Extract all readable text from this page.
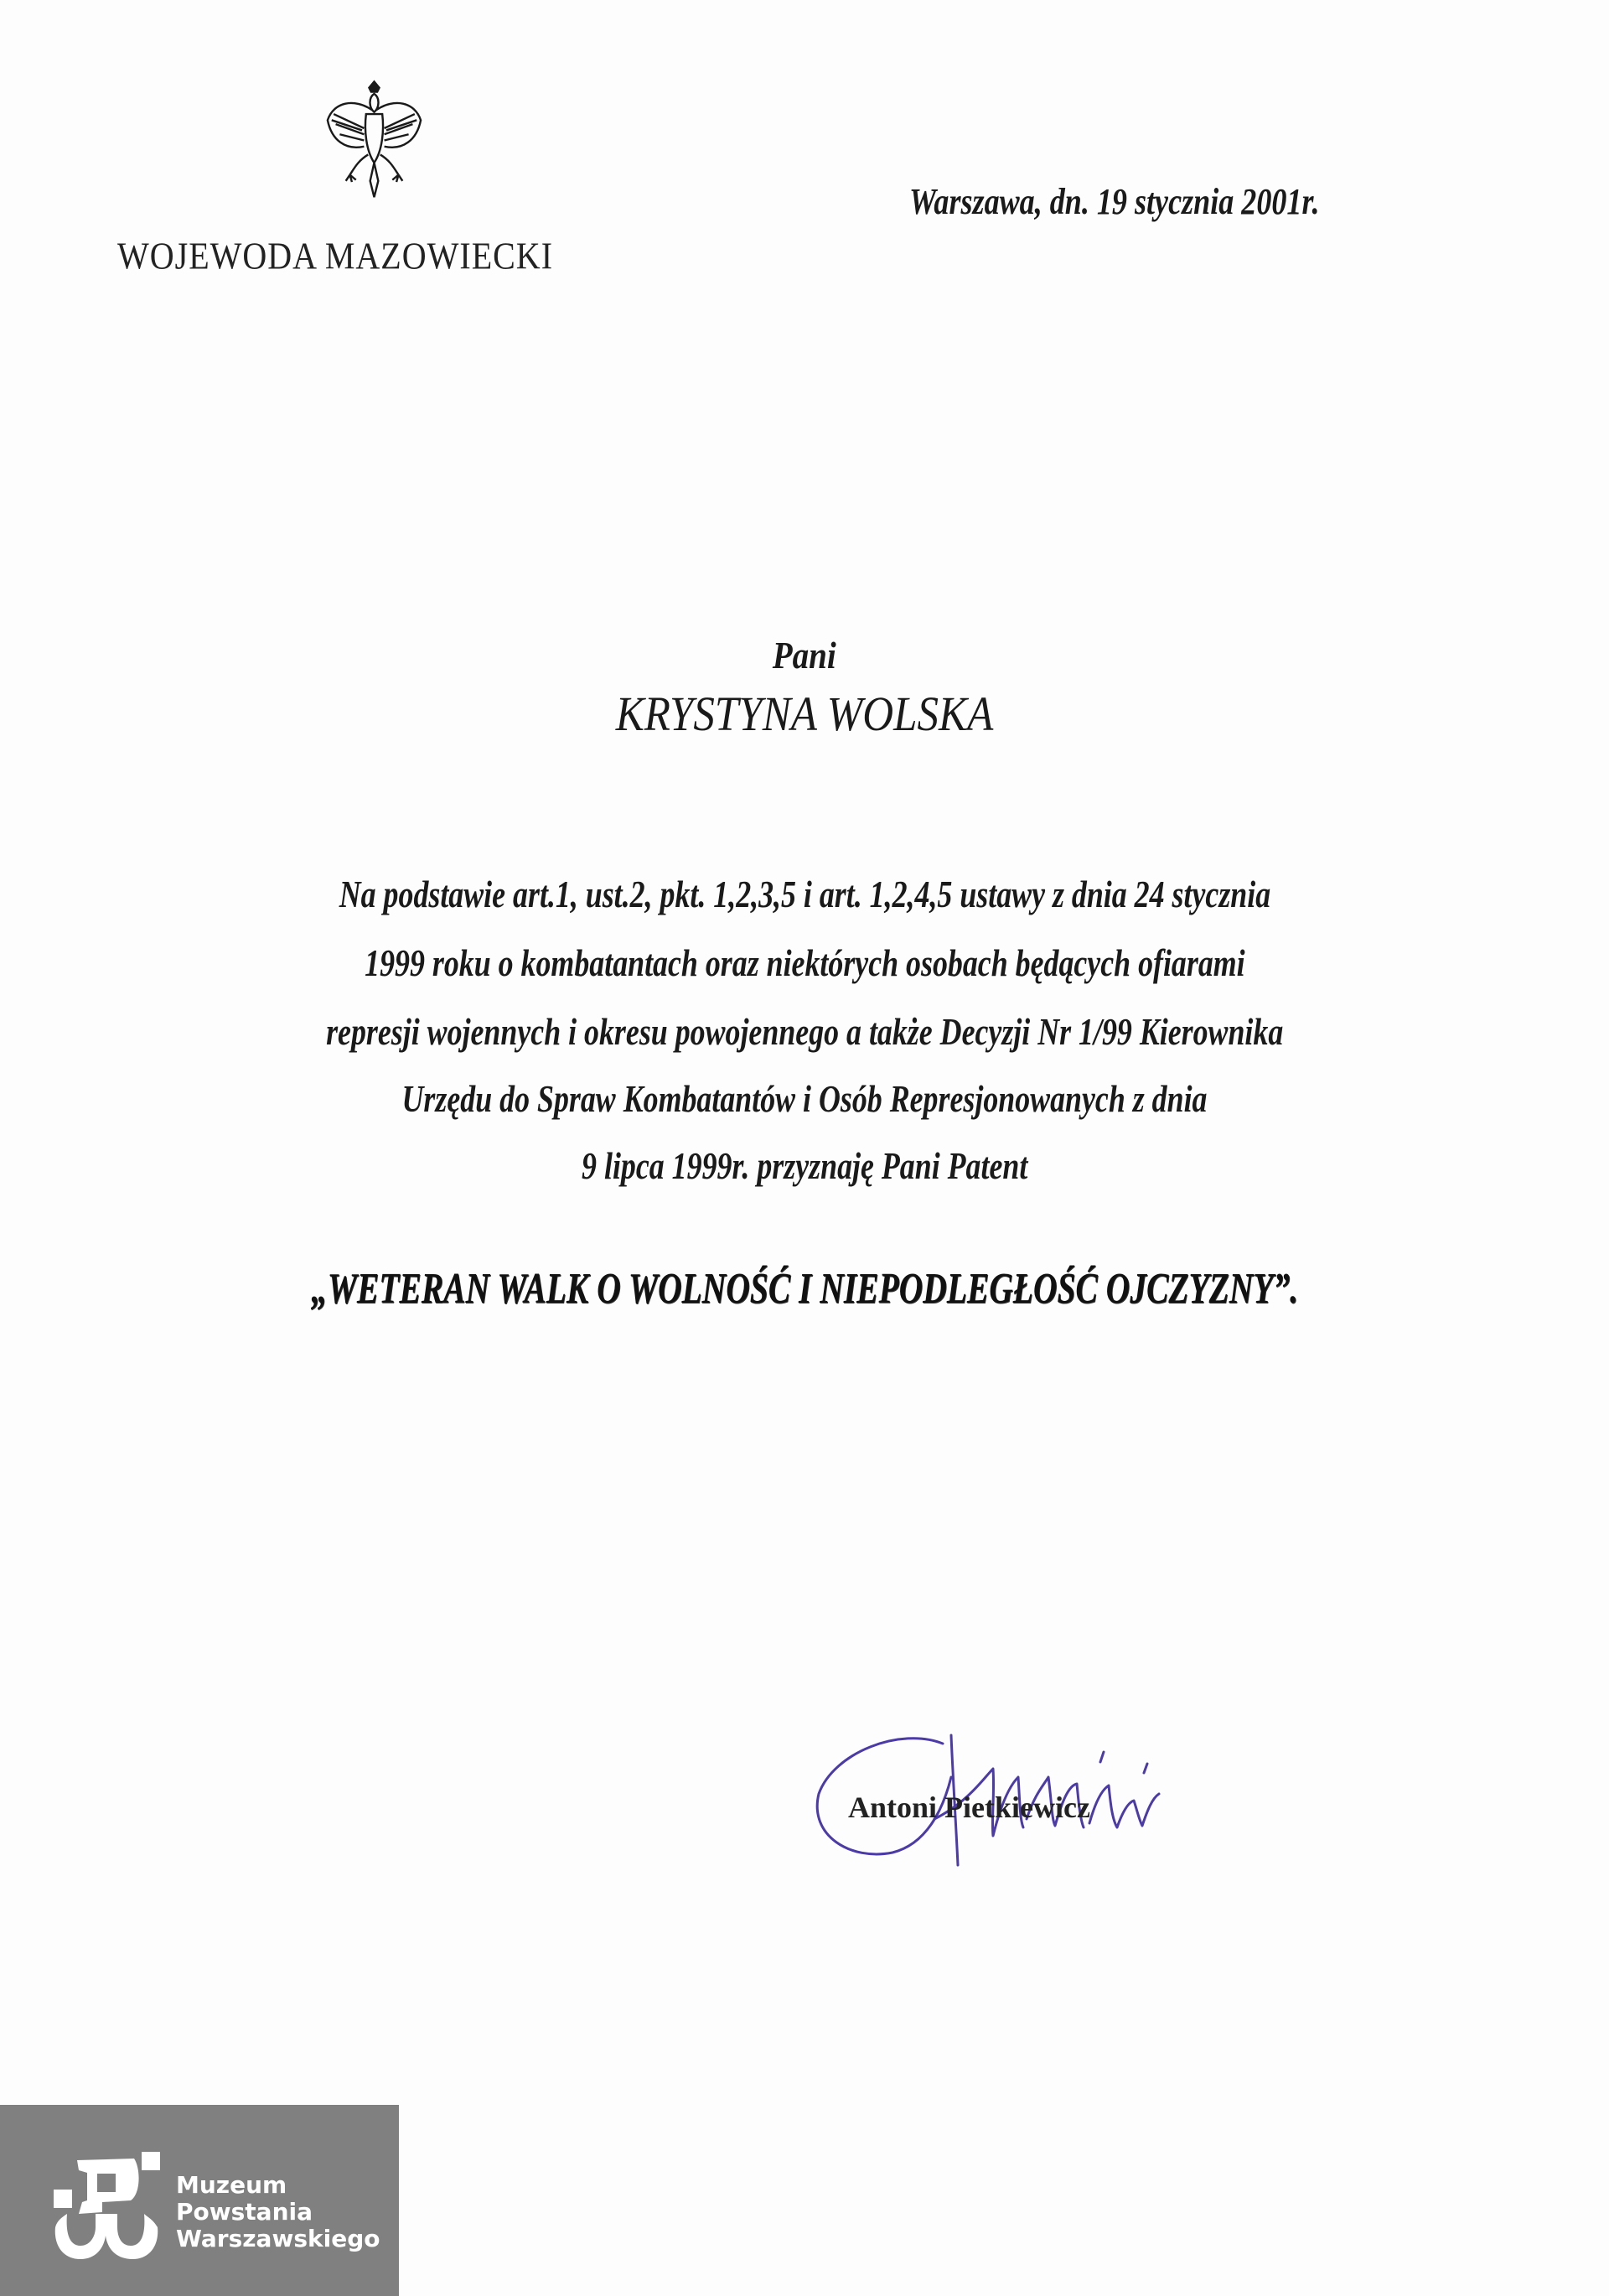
WOJEWODA MAZOWIECKI
Warszawa, dn. 19 stycznia 2001r.
Pani
KRYSTYNA WOLSKA
Na podstawie art.1, ust.2, pkt. 1,2,3,5 i art. 1,2,4,5 ustawy z dnia 24 stycznia
1999 roku o kombatantach oraz niektórych osobach będących ofiarami
represji wojennych i okresu powojennego a także Decyzji Nr 1/99 Kierownika
Urzędu do Spraw Kombatantów i Osób Represjonowanych z dnia
9 lipca 1999r. przyznaję Pani Patent
„WETERAN WALK O WOLNOŚĆ I NIEPODLEGŁOŚĆ OJCZYZNY”.
Antoni Pietkiewicz
Muzeum
Powstania
Warszawskiego
